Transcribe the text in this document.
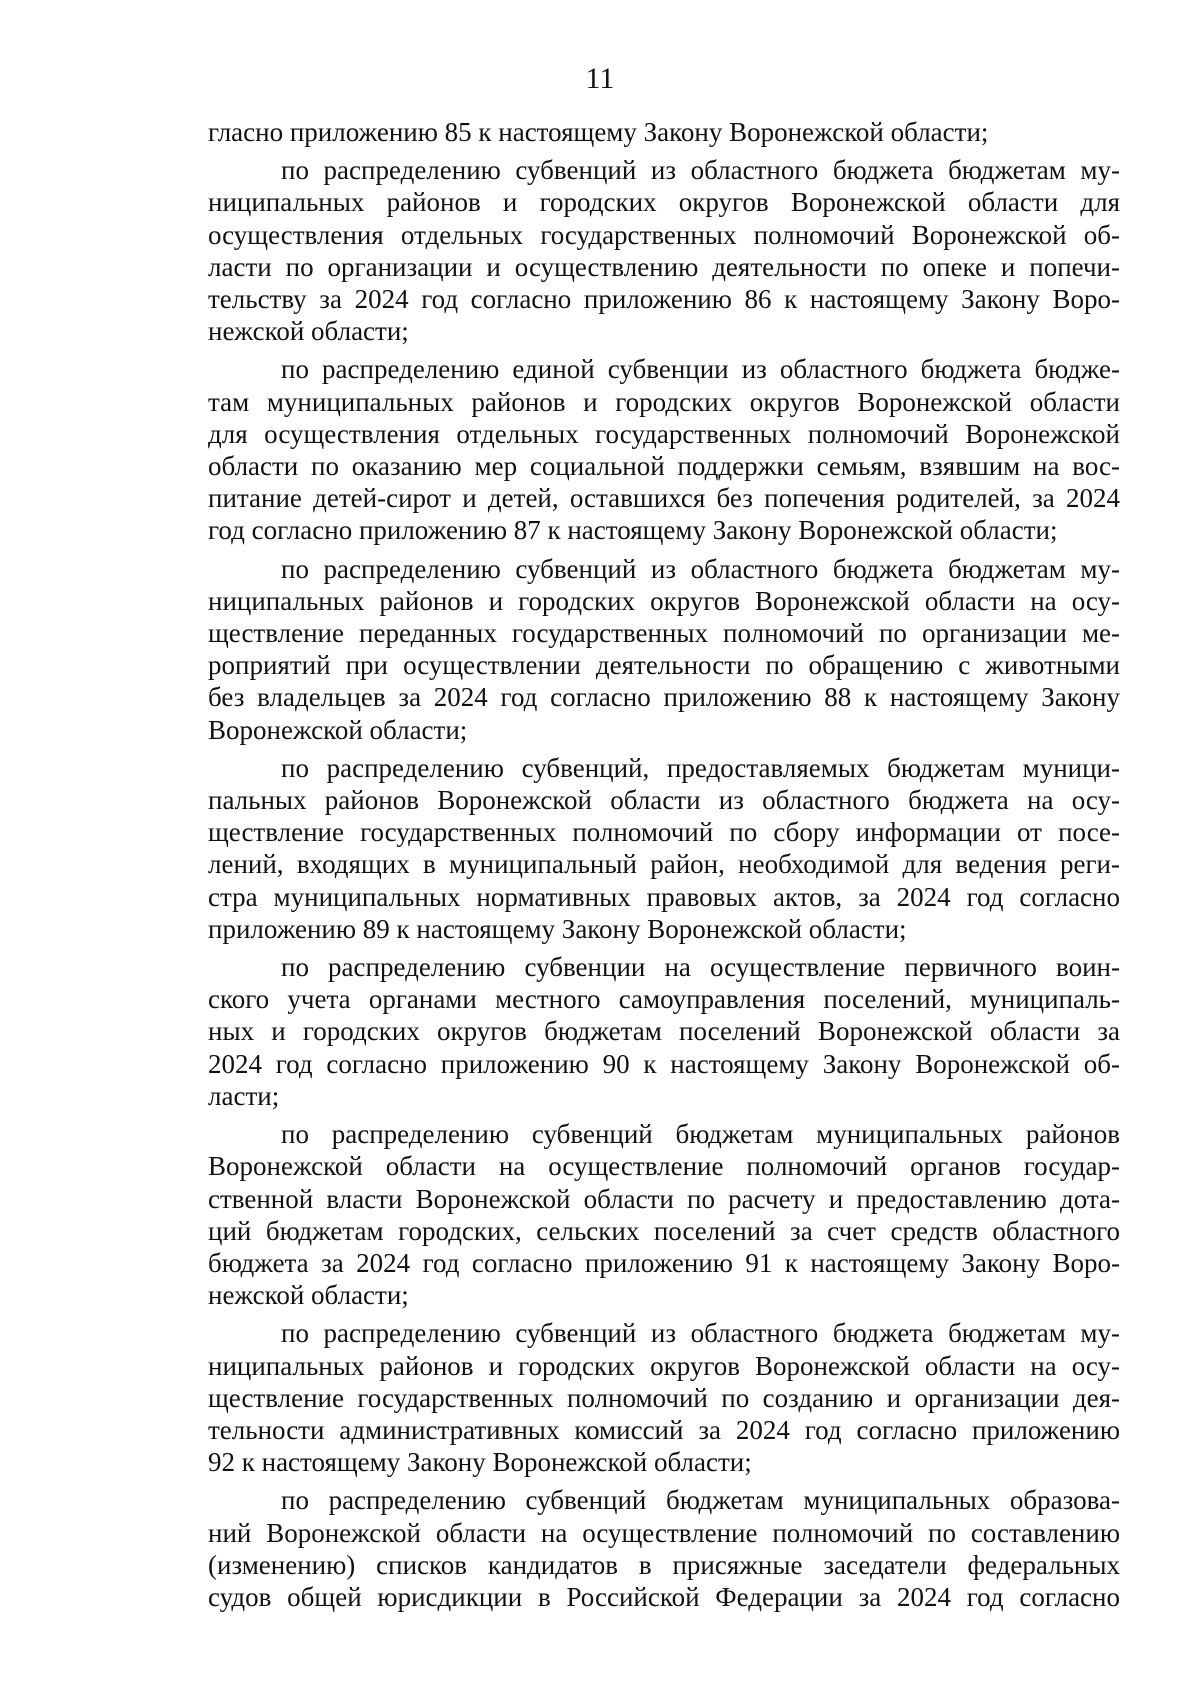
11
гласно приложению 85 к настоящему Закону Воронежской области;
по распределению субвенций из областного бюджета бюджетам му-
ниципальных районов и городских округов Воронежской области для
осуществления отдельных государственных полномочий Воронежской об-
ласти по организации и осуществлению деятельности по опеке и попечи-
тельству за 2024 год согласно приложению 86 к настоящему Закону Воро-
нежской области;
по распределению единой субвенции из областного бюджета бюдже-
там муниципальных районов и городских округов Воронежской области
для осуществления отдельных государственных полномочий Воронежской
области по оказанию мер социальной поддержки семьям, взявшим на вос-
питание детей-сирот и детей, оставшихся без попечения родителей, за 2024
год согласно приложению 87 к настоящему Закону Воронежской области;
по распределению субвенций из областного бюджета бюджетам му-
ниципальных районов и городских округов Воронежской области на осу-
ществление переданных государственных полномочий по организации ме-
роприятий при осуществлении деятельности по обращению с животными
без владельцев за 2024 год согласно приложению 88 к настоящему Закону
Воронежской области;
по распределению субвенций, предоставляемых бюджетам муници-
пальных районов Воронежской области из областного бюджета на осу-
ществление государственных полномочий по сбору информации от посе-
лений, входящих в муниципальный район, необходимой для ведения реги-
стра муниципальных нормативных правовых актов, за 2024 год согласно
приложению 89 к настоящему Закону Воронежской области;
по распределению субвенции на осуществление первичного воин-
ского учета органами местного самоуправления поселений, муниципаль-
ных и городских округов бюджетам поселений Воронежской области за
2024 год согласно приложению 90 к настоящему Закону Воронежской об-
ласти;
по распределению субвенций бюджетам муниципальных районов
Воронежской области на осуществление полномочий органов государ-
ственной власти Воронежской области по расчету и предоставлению дота-
ций бюджетам городских, сельских поселений за счет средств областного
бюджета за 2024 год согласно приложению 91 к настоящему Закону Воро-
нежской области;
по распределению субвенций из областного бюджета бюджетам му-
ниципальных районов и городских округов Воронежской области на осу-
ществление государственных полномочий по созданию и организации дея-
тельности административных комиссий за 2024 год согласно приложению
92 к настоящему Закону Воронежской области;
по распределению субвенций бюджетам муниципальных образова-
ний Воронежской области на осуществление полномочий по составлению
(изменению) списков кандидатов в присяжные заседатели федеральных
судов общей юрисдикции в Российской Федерации за 2024 год согласно
